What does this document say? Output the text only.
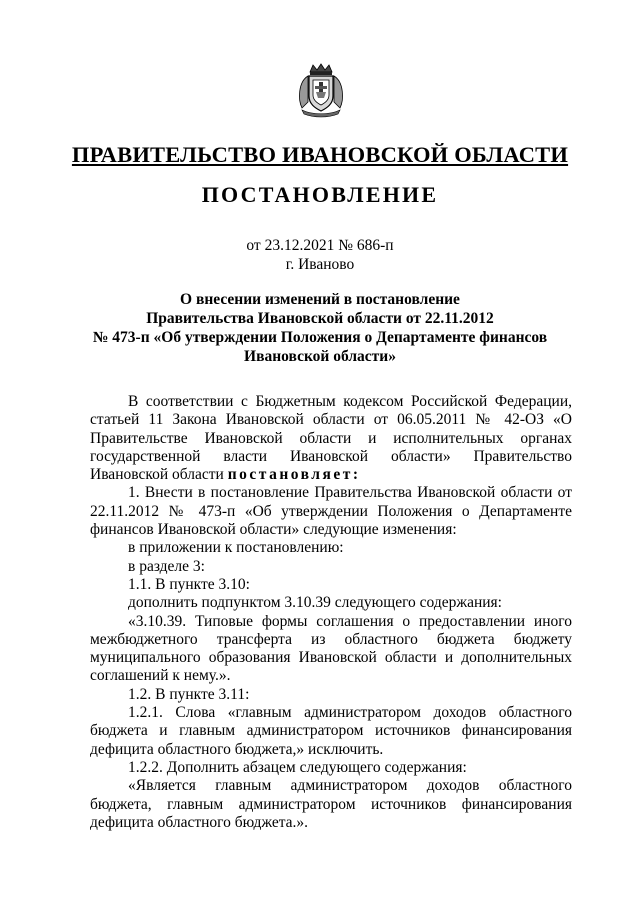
ПРАВИТЕЛЬСТВО ИВАНОВСКОЙ ОБЛАСТИ
ПОСТАНОВЛЕНИЕ
от 23.12.2021 № 686-п
г. Иваново
О внесении изменений в постановление
Правительства Ивановской области от 22.11.2012
№ 473-п «Об утверждении Положения о Департаменте финансов
Ивановской области»

В соответствии с Бюджетным кодексом Российской Федерации, статьей 11 Закона Ивановской области от 06.05.2011 № 42-ОЗ «О Правительстве Ивановской области и исполнительных органах государственной власти Ивановской области» Правительство Ивановской области постановляет:

1. Внести в постановление Правительства Ивановской области от 22.11.2012 № 473-п «Об утверждении Положения о Департаменте финансов Ивановской области» следующие изменения:

в приложении к постановлению:

в разделе 3:

1.1. В пункте 3.10:

дополнить подпунктом 3.10.39 следующего содержания:

«3.10.39. Типовые формы соглашения о предоставлении иного межбюджетного трансферта из областного бюджета бюджету муниципального образования Ивановской области и дополнительных соглашений к нему.».

1.2. В пункте 3.11:

1.2.1. Слова «главным администратором доходов областного бюджета и главным администратором источников финансирования дефицита областного бюджета,» исключить.

1.2.2. Дополнить абзацем следующего содержания:

«Является главным администратором доходов областного бюджета, главным администратором источников финансирования дефицита областного бюджета.».
